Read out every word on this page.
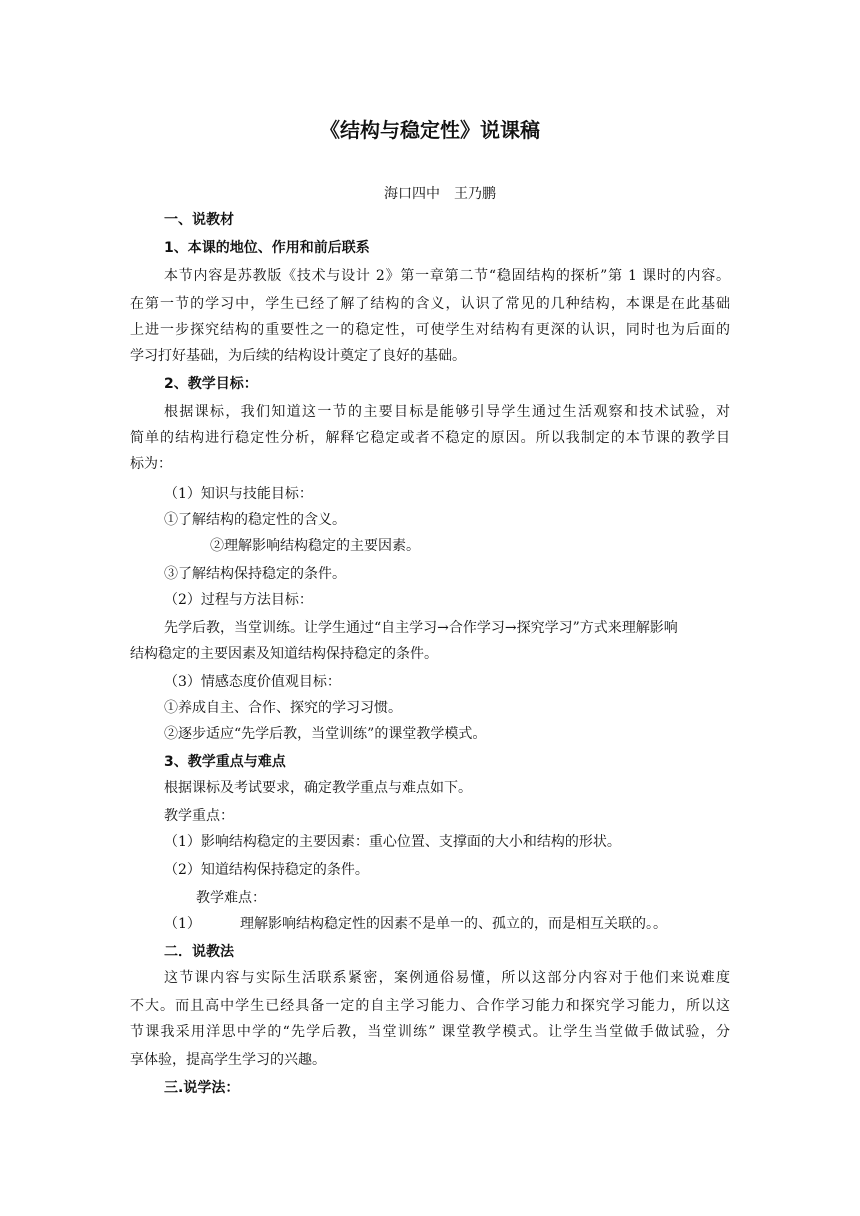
《结构与稳定性》说课稿

海口四中　王乃鹏

一、说教材

1、本课的地位、作用和前后联系

本节内容是苏教版《技术与设计 2》第一章第二节“稳固结构的探析”第 1 课时的内容。

在第一节的学习中，学生已经了解了结构的含义，认识了常见的几种结构，本课是在此基础

上进一步探究结构的重要性之一的稳定性，可使学生对结构有更深的认识，同时也为后面的

学习打好基础，为后续的结构设计奠定了良好的基础。

2、教学目标：

根据课标，我们知道这一节的主要目标是能够引导学生通过生活观察和技术试验，对

简单的结构进行稳定性分析，解释它稳定或者不稳定的原因。所以我制定的本节课的教学目

标为：

（1）知识与技能目标：

①了解结构的稳定性的含义。

②理解影响结构稳定的主要因素。

③了解结构保持稳定的条件。

（2）过程与方法目标：

先学后教，当堂训练。让学生通过“自主学习→合作学习→探究学习”方式来理解影响

结构稳定的主要因素及知道结构保持稳定的条件。

（3）情感态度价值观目标：

①养成自主、合作、探究的学习习惯。

②逐步适应“先学后教，当堂训练”的课堂教学模式。

3、教学重点与难点

根据课标及考试要求，确定教学重点与难点如下。

教学重点：

（1）影响结构稳定的主要因素：重心位置、支撑面的大小和结构的形状。

（2）知道结构保持稳定的条件。

教学难点：

（1）	理解影响结构稳定性的因素不是单一的、孤立的，而是相互关联的。。

二．说教法

这节课内容与实际生活联系紧密，案例通俗易懂，所以这部分内容对于他们来说难度

不大。而且高中学生已经具备一定的自主学习能力、合作学习能力和探究学习能力，所以这

节课我采用洋思中学的“先学后教，当堂训练” 课堂教学模式。让学生当堂做手做试验，分

享体验，提高学生学习的兴趣。

三.说学法：
